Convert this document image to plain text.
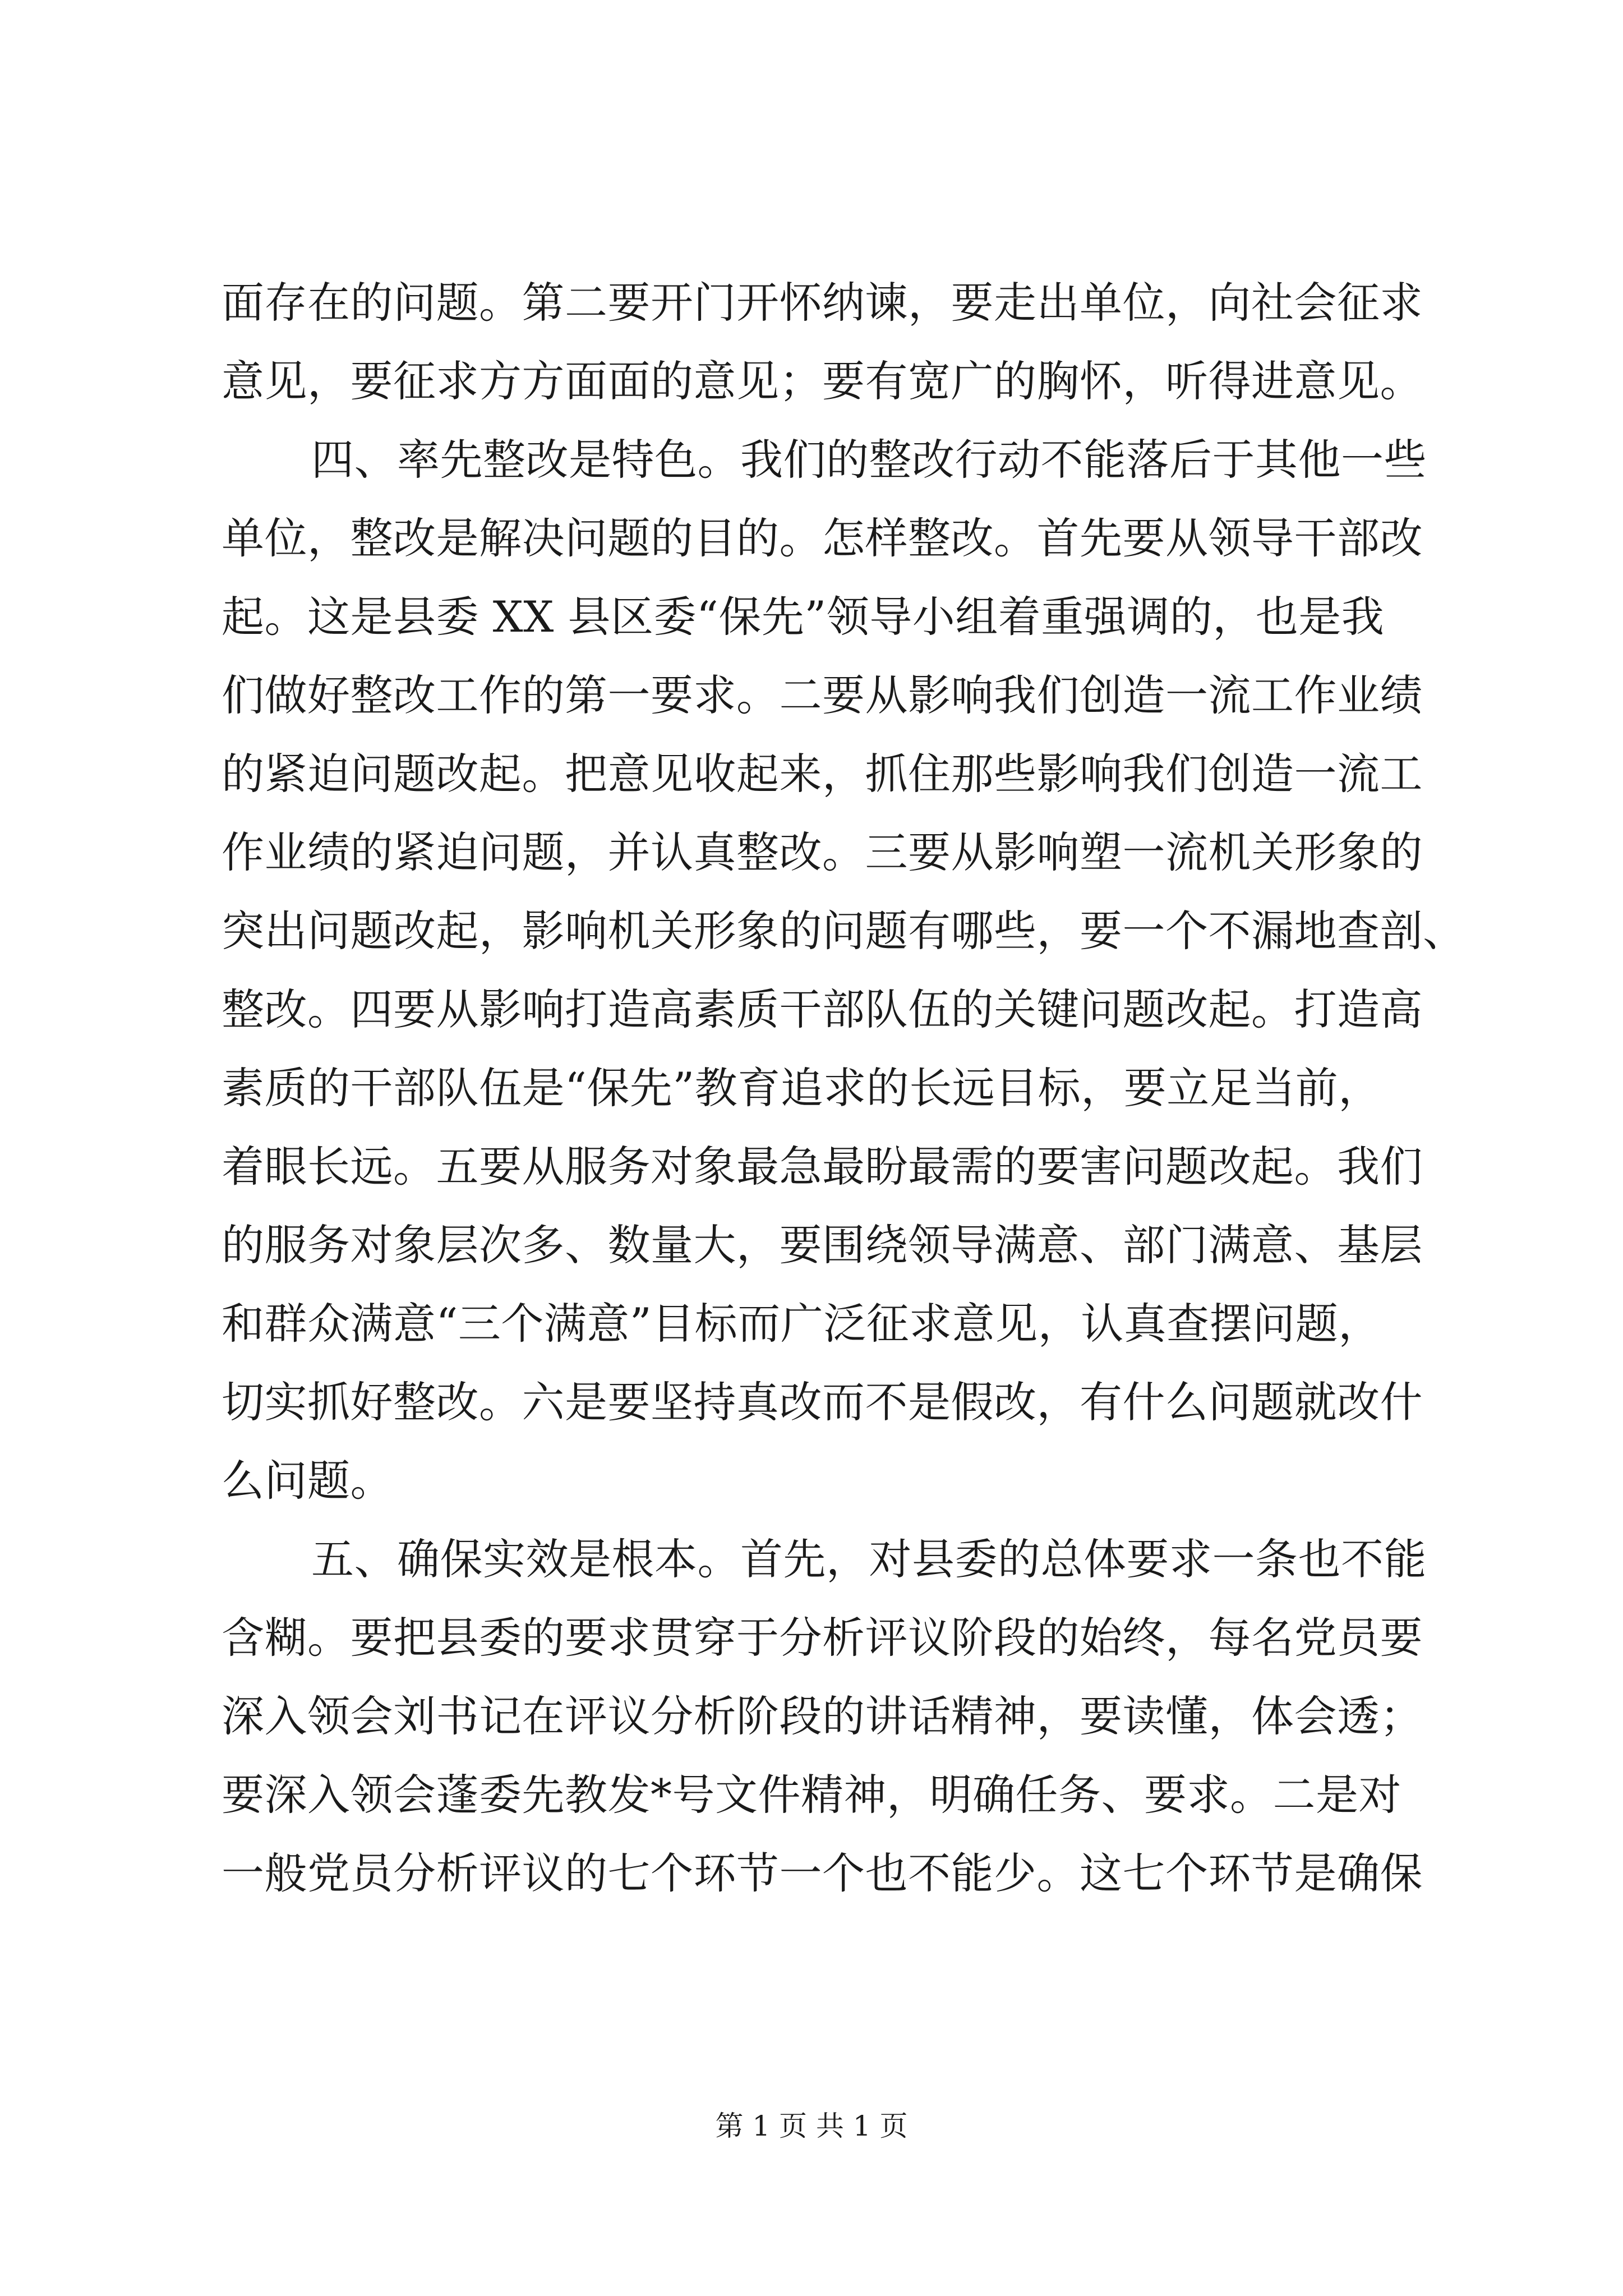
面存在的问题。第二要开门开怀纳谏，要走出单位，向社会征求
意见，要征求方方面面的意见；要有宽广的胸怀，听得进意见。
四、率先整改是特色。我们的整改行动不能落后于其他一些
单位，整改是解决问题的目的。怎样整改。首先要从领导干部改
起。这是县委 XX 县区委“保先”领导小组着重强调的，也是我
们做好整改工作的第一要求。二要从影响我们创造一流工作业绩
的紧迫问题改起。把意见收起来，抓住那些影响我们创造一流工
作业绩的紧迫问题，并认真整改。三要从影响塑一流机关形象的
突出问题改起，影响机关形象的问题有哪些，要一个不漏地查剖、
整改。四要从影响打造高素质干部队伍的关键问题改起。打造高
素质的干部队伍是“保先”教育追求的长远目标，要立足当前，
着眼长远。五要从服务对象最急最盼最需的要害问题改起。我们
的服务对象层次多、数量大，要围绕领导满意、部门满意、基层
和群众满意“三个满意”目标而广泛征求意见，认真查摆问题，
切实抓好整改。六是要坚持真改而不是假改，有什么问题就改什
么问题。
五、确保实效是根本。首先，对县委的总体要求一条也不能
含糊。要把县委的要求贯穿于分析评议阶段的始终，每名党员要
深入领会刘书记在评议分析阶段的讲话精神，要读懂，体会透；
要深入领会蓬委先教发*号文件精神，明确任务、要求。二是对
一般党员分析评议的七个环节一个也不能少。这七个环节是确保
第 1 页 共 1 页
